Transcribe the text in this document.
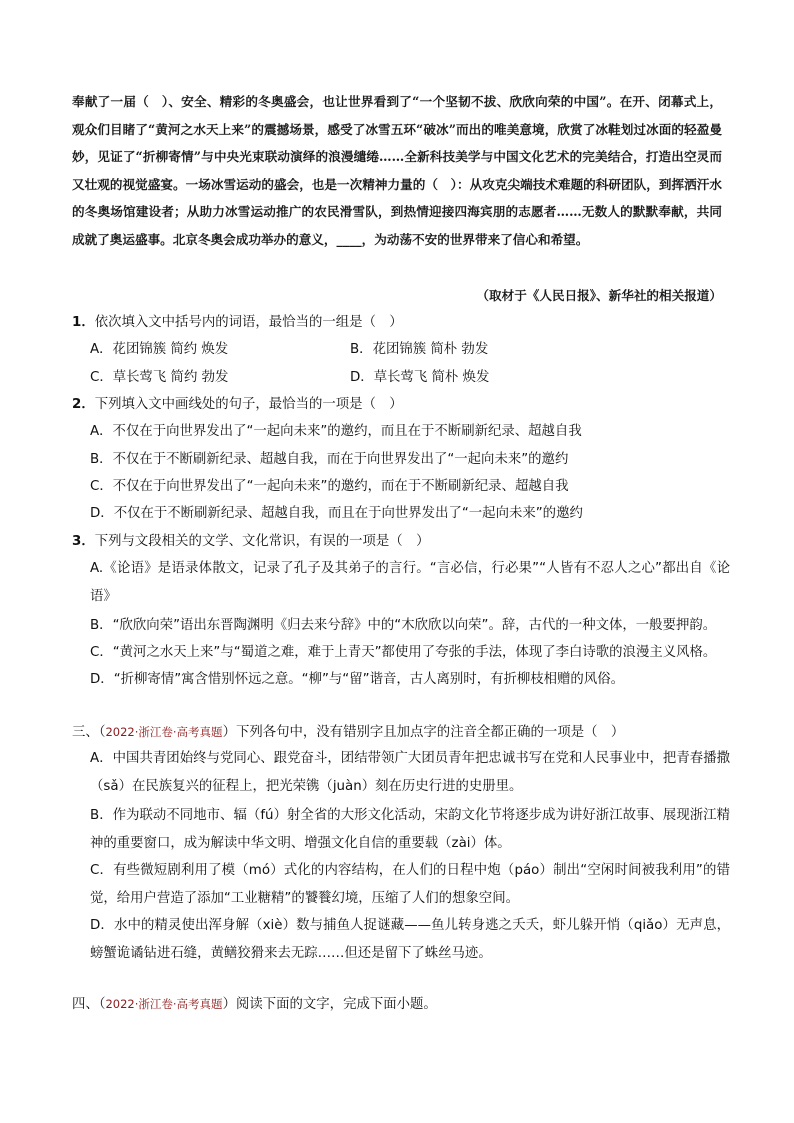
奉献了一届（　）、安全、精彩的冬奥盛会，也让世界看到了“一个坚韧不拔、欣欣向荣的中国”。在开、闭幕式上，观众们目睹了“黄河之水天上来”的震撼场景，感受了冰雪五环“破冰”而出的唯美意境，欣赏了冰鞋划过冰面的轻盈曼妙，见证了“折柳寄情”与中央光束联动演绎的浪漫缱绻……全新科技美学与中国文化艺术的完美结合，打造出空灵而又壮观的视觉盛宴。一场冰雪运动的盛会，也是一次精神力量的（　）：从攻克尖端技术难题的科研团队，到挥洒汗水的冬奥场馆建设者；从助力冰雪运动推广的农民滑雪队，到热情迎接四海宾朋的志愿者……无数人的默默奉献，共同成就了奥运盛事。北京冬奥会成功举办的意义，____，为动荡不安的世界带来了信心和希望。
（取材于《人民日报》、新华社的相关报道）
1．依次填入文中括号内的词语，最恰当的一组是（　）
A．花团锦簇 简约 焕发	B．花团锦簇 简朴 勃发
C．草长莺飞 简约 勃发	D．草长莺飞 简朴 焕发
2．下列填入文中画线处的句子，最恰当的一项是（　）
A．不仅在于向世界发出了“一起向未来”的邀约，而且在于不断刷新纪录、超越自我
B．不仅在于不断刷新纪录、超越自我，而在于向世界发出了“一起向未来”的邀约
C．不仅在于向世界发出了“一起向未来”的邀约，而在于不断刷新纪录、超越自我
D．不仅在于不断刷新纪录、超越自我，而且在于向世界发出了“一起向未来”的邀约
3．下列与文段相关的文学、文化常识，有误的一项是（　）
A.《论语》是语录体散文，记录了孔子及其弟子的言行。“言必信，行必果”“人皆有不忍人之心”都出自《论语》
B．“欣欣向荣”语出东晋陶渊明《归去来兮辞》中的“木欣欣以向荣”。辞，古代的一种文体，一般要押韵。
C．“黄河之水天上来”与“蜀道之难，难于上青天”都使用了夸张的手法，体现了李白诗歌的浪漫主义风格。
D．“折柳寄情”寓含惜别怀远之意。“柳”与“留”谐音，古人离别时，有折柳枝相赠的风俗。
三、（2022·浙江卷·高考真题）下列各句中，没有错别字且加点字的注音全都正确的一项是（　）
A．中国共青团始终与党同心、跟党奋斗，团结带领广大团员青年把忠诚书写在党和人民事业中，把青春播撒（sǎ）在民族复兴的征程上，把光荣镌（juàn）刻在历史行进的史册里。
B．作为联动不同地市、辐（fú）射全省的大形文化活动，宋韵文化节将逐步成为讲好浙江故事、展现浙江精神的重要窗口，成为解读中华文明、增强文化自信的重要载（zài）体。
C．有些微短剧利用了模（mó）式化的内容结构，在人们的日程中炮（páo）制出“空闲时间被我利用”的错觉，给用户营造了添加“工业糖精”的饕餮幻境，压缩了人们的想象空间。
D．水中的精灵使出浑身解（xiè）数与捕鱼人捉谜藏——鱼儿转身逃之夭夭，虾儿躲开悄（qiǎo）无声息，螃蟹诡谲钻进石缝，黄鳝狡猾来去无踪……但还是留下了蛛丝马迹。
四、（2022·浙江卷·高考真题）阅读下面的文字，完成下面小题。
